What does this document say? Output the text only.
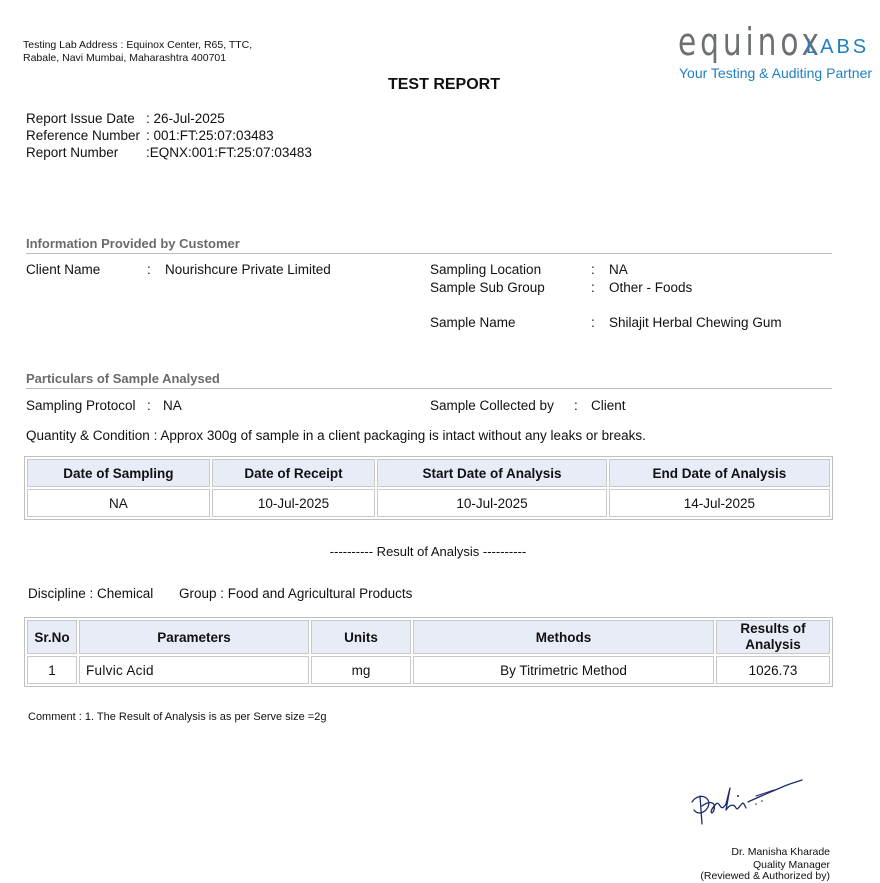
Testing Lab Address : Equinox Center, R65, TTC, Rabale, Navi Mumbai, Maharashtra 400701	equinox
LABS
Your Testing & Auditing Partner
TEST REPORT
Report Issue Date : 26-Jul-2025
Reference Number : 001:FT:25:07:03483
Report Number	:EQNX:001:FT:25:07:03483
Information Provided by Customer
Client Name	: Nourishcure Private Limited	Sampling Location	: NA
Sample Sub Group	: Other - Foods
Sample Name	: Shilajit Herbal Chewing Gum
Particulars of Sample Analysed
Sampling Protocol : NA	Sample Collected by : Client
Quantity & Condition : Approx 300g of sample in a client packaging is intact without any leaks or breaks.
Date of Sampling	Date of Receipt	Start Date of Analysis	End Date of Analysis
NA	10-Jul-2025	10-Jul-2025	14-Jul-2025
---------- Result of Analysis ----------
Discipline : Chemical Group : Food and Agricultural Products
Sr.No	Parameters	Units	Methods	Results of Analysis
1	Fulvic Acid	mg	By Titrimetric Method	1026.73
Comment : 1. The Result of Analysis is as per Serve size =2g
Dr. Manisha Kharade
Quality Manager
(Reviewed & Authorized by)
